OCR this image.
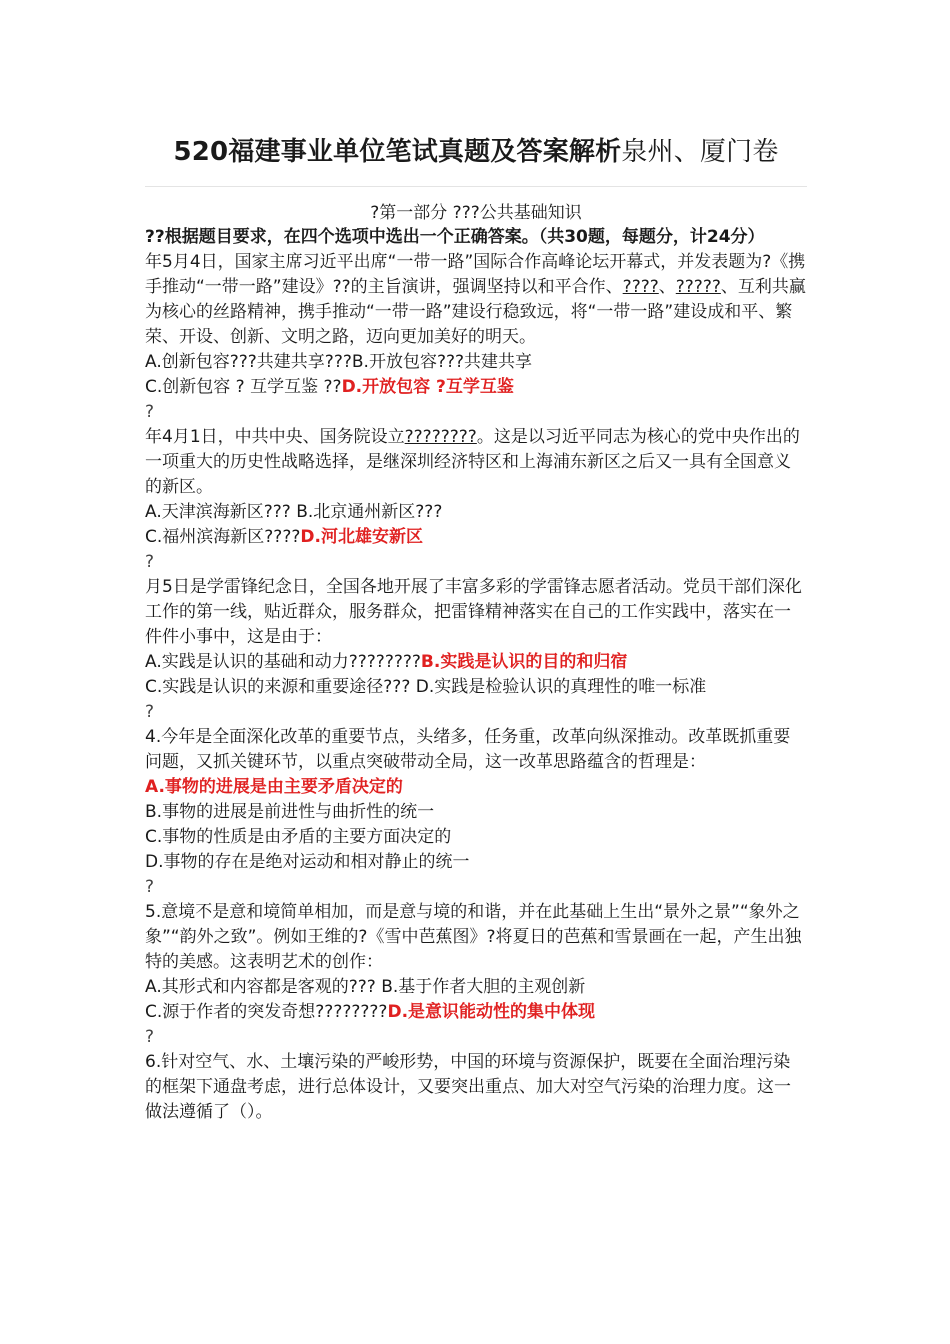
520福建事业单位笔试真题及答案解析泉州、厦门卷
?第一部分 ???公共基础知识
??根据题目要求，在四个选项中选出一个正确答案。（共30题，每题分，计24分）
年5月4日，国家主席习近平出席“一带一路”国际合作高峰论坛开幕式，并发表题为?《携手推动“一带一路”建设》??的主旨演讲，强调坚持以和平合作、????、?????、互利共赢为核心的丝路精神，携手推动“一带一路”建设行稳致远，将“一带一路”建设成和平、繁荣、开设、创新、文明之路，迈向更加美好的明天。
A.创新包容???共建共享???B.开放包容???共建共享
C.创新包容 ? 互学互鉴 ??D.开放包容 ?互学互鉴
?
年4月1日，中共中央、国务院设立????????。这是以习近平同志为核心的党中央作出的一项重大的历史性战略选择，是继深圳经济特区和上海浦东新区之后又一具有全国意义的新区。
A.天津滨海新区??? B.北京通州新区???
C.福州滨海新区????D.河北雄安新区
?
月5日是学雷锋纪念日，全国各地开展了丰富多彩的学雷锋志愿者活动。党员干部们深化工作的第一线，贴近群众，服务群众，把雷锋精神落实在自己的工作实践中，落实在一件件小事中，这是由于：
A.实践是认识的基础和动力????????B.实践是认识的目的和归宿
C.实践是认识的来源和重要途径??? D.实践是检验认识的真理性的唯一标准
?
4.今年是全面深化改革的重要节点，头绪多，任务重，改革向纵深推动。改革既抓重要问题，又抓关键环节，以重点突破带动全局，这一改革思路蕴含的哲理是：
A.事物的进展是由主要矛盾决定的
B.事物的进展是前进性与曲折性的统一
C.事物的性质是由矛盾的主要方面决定的
D.事物的存在是绝对运动和相对静止的统一
?
5.意境不是意和境简单相加，而是意与境的和谐，并在此基础上生出“景外之景”“象外之象”“韵外之致”。例如王维的?《雪中芭蕉图》?将夏日的芭蕉和雪景画在一起，产生出独特的美感。这表明艺术的创作：
A.其形式和内容都是客观的??? B.基于作者大胆的主观创新
C.源于作者的突发奇想????????D.是意识能动性的集中体现
?
6.针对空气、水、土壤污染的严峻形势，中国的环境与资源保护，既要在全面治理污染的框架下通盘考虑，进行总体设计，又要突出重点、加大对空气污染的治理力度。这一做法遵循了（）。
